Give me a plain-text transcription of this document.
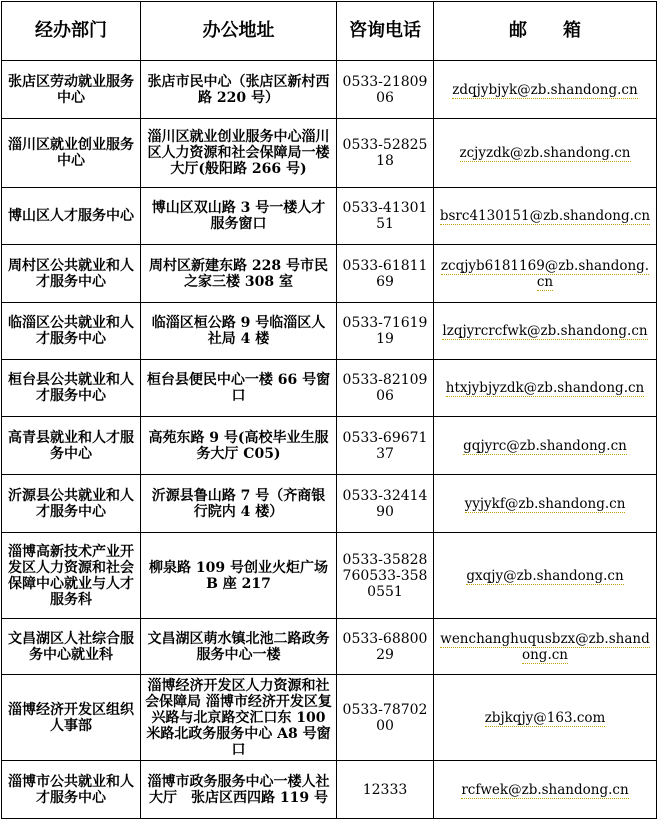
经办部门	办公地址	咨询电话	邮　　箱
张店区劳动就业服务中心	张店市民中心（张店区新村西路 220 号）	0533-2180906	zdqjybjyk@zb.shandong.cn
淄川区就业创业服务中心	淄川区就业创业服务中心淄川区人力资源和社会保障局一楼大厅(般阳路 266 号)	0533-5282518	zcjyzdk@zb.shandong.cn
博山区人才服务中心	博山区双山路 3 号一楼人才服务窗口	0533-4130151	bsrc4130151@zb.shandong.cn
周村区公共就业和人才服务中心	周村区新建东路 228 号市民之家三楼 308 室	0533-6181169	zcqjyb6181169@zb.shandong.cn
临淄区公共就业和人才服务中心	临淄区桓公路 9 号临淄区人社局 4 楼	0533-7161919	lzqjyrcrcfwk@zb.shandong.cn
桓台县公共就业和人才服务中心	桓台县便民中心一楼 66 号窗口	0533-8210906	htxjybjyzdk@zb.shandong.cn
高青县就业和人才服务中心	高苑东路 9 号(高校毕业生服务大厅 C05)	0533-6967137	gqjyrc@zb.shandong.cn
沂源县公共就业和人才服务中心	沂源县鲁山路 7 号（齐商银行院内 4 楼）	0533-3241490	yyjykf@zb.shandong.cn
淄博高新技术产业开发区人力资源和社会保障中心就业与人才服务科	柳泉路 109 号创业火炬广场 B 座 217	0533-35828760533-3580551	gxqjy@zb.shandong.cn
文昌湖区人社综合服务中心就业科	文昌湖区萌水镇北池二路政务服务中心一楼	0533-6880029	wenchanghuqusbzx@zb.shandong.cn
淄博经济开发区组织人事部	淄博经济开发区人力资源和社会保障局 淄博市经济开发区复兴路与北京路交汇口东 100 米路北政务服务中心 A8 号窗口	0533-7870200	zbjkqjy@163.com
淄博市公共就业和人才服务中心	淄博市政务服务中心一楼人社大厅　张店区西四路 119 号	12333	rcfwek@zb.shandong.cn
